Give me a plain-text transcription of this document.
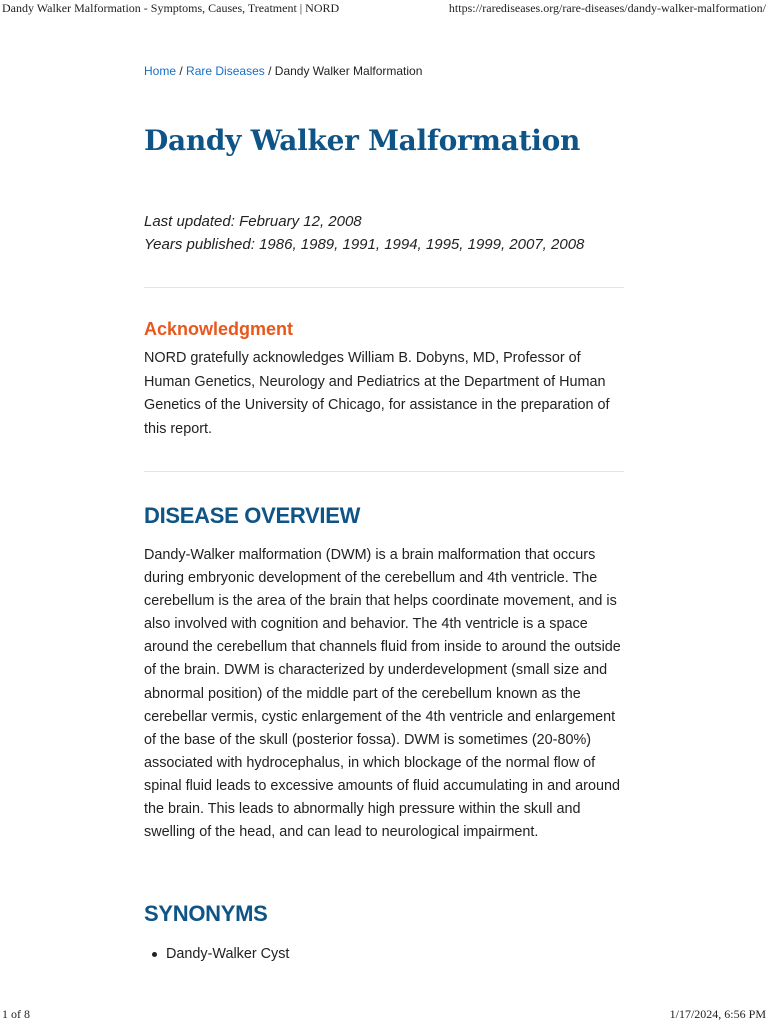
Dandy Walker Malformation - Symptoms, Causes, Treatment | NORD	https://rarediseases.org/rare-diseases/dandy-walker-malformation/
Home / Rare Diseases / Dandy Walker Malformation
Dandy Walker Malformation
Last updated: February 12, 2008
Years published: 1986, 1989, 1991, 1994, 1995, 1999, 2007, 2008
Acknowledgment

NORD gratefully acknowledges William B. Dobyns, MD, Professor of Human Genetics, Neurology and Pediatrics at the Department of Human Genetics of the University of Chicago, for assistance in the preparation of this report.

DISEASE OVERVIEW

Dandy-Walker malformation (DWM) is a brain malformation that occurs during embryonic development of the cerebellum and 4th ventricle. The cerebellum is the area of the brain that helps coordinate movement, and is also involved with cognition and behavior. The 4th ventricle is a space around the cerebellum that channels fluid from inside to around the outside of the brain. DWM is characterized by underdevelopment (small size and abnormal position) of the middle part of the cerebellum known as the cerebellar vermis, cystic enlargement of the 4th ventricle and enlargement of the base of the skull (posterior fossa). DWM is sometimes (20-80%) associated with hydrocephalus, in which blockage of the normal flow of spinal fluid leads to excessive amounts of fluid accumulating in and around the brain. This leads to abnormally high pressure within the skull and swelling of the head, and can lead to neurological impairment.

SYNONYMS
Dandy-Walker Cyst
1 of 8	1/17/2024, 6:56 PM
